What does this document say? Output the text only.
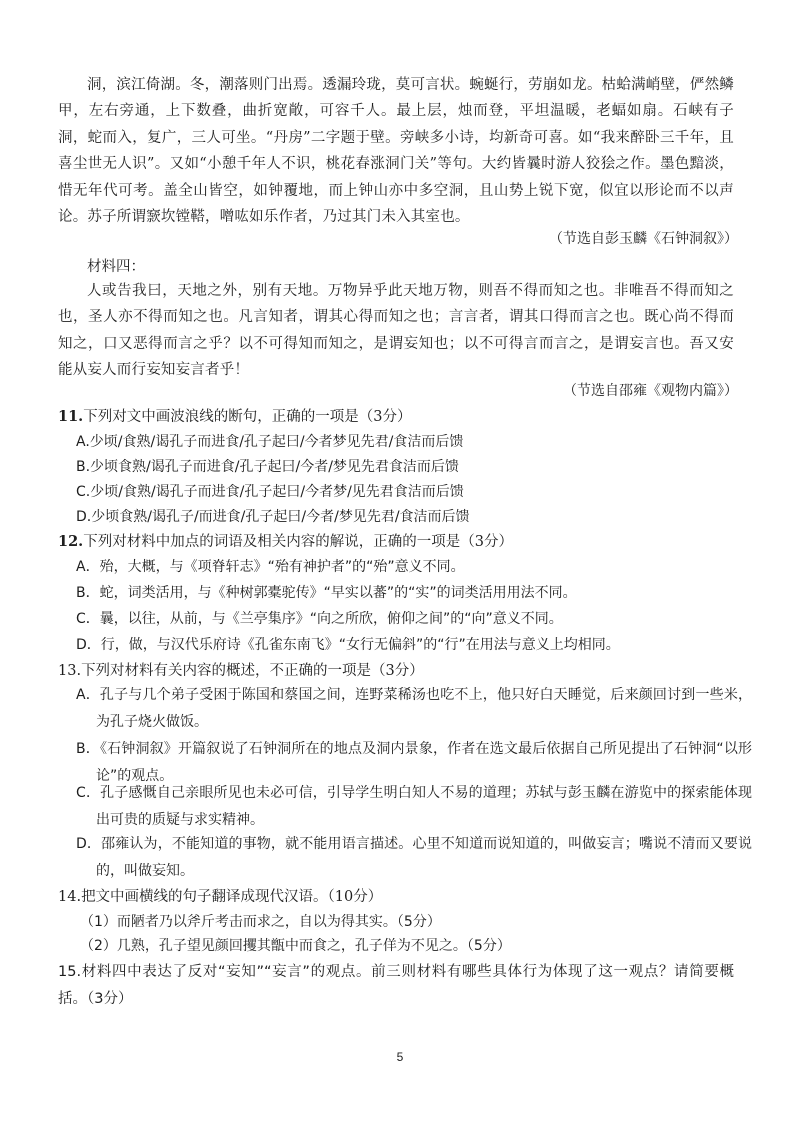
洞，滨江倚湖。冬，潮落则门出焉。透漏玲珑，莫可言状。蜿蜒行，劳崩如龙。枯蛤满峭壁，俨然鳞甲，左右旁通，上下数叠，曲折宽敞，可容千人。最上层，烛而登，平坦温暖，老蝠如扇。石峡有子洞，蛇而入，复广，三人可坐。“丹房”二字题于壁。旁峡多小诗，均新奇可喜。如“我来醉卧三千年，且喜尘世无人识”。又如“小憩千年人不识，桃花春涨洞门关”等句。大约皆曩时游人狡狯之作。墨色黯淡，惜无年代可考。盖全山皆空，如钟覆地，而上钟山亦中多空洞，且山势上锐下宽，似宜以形论而不以声论。苏子所谓窾坎镗鞳，噌吰如乐作者，乃过其门未入其室也。
（节选自彭玉麟《石钟洞叙》）
材料四：
人或告我曰，天地之外，别有天地。万物异乎此天地万物，则吾不得而知之也。非唯吾不得而知之也，圣人亦不得而知之也。凡言知者，谓其心得而知之也；言言者，谓其口得而言之也。既心尚不得而知之，口又恶得而言之乎？以不可得知而知之，是谓妄知也；以不可得言而言之，是谓妄言也。吾又安能从妄人而行妄知妄言者乎！
（节选自邵雍《观物内篇》）
11.下列对文中画波浪线的断句，正确的一项是（3分）
A.少顷/食熟/谒孔子而进食/孔子起曰/今者梦见先君/食洁而后馈
B.少顷食熟/谒孔子而进食/孔子起曰/今者/梦见先君食洁而后馈
C.少顷/食熟/谒孔子而进食/孔子起曰/今者梦/见先君食洁而后馈
D.少顷食熟/谒孔子/而进食/孔子起曰/今者/梦见先君/食洁而后馈
12.下列对材料中加点的词语及相关内容的解说，正确的一项是（3分）
A．殆，大概，与《项脊轩志》“殆有神护者”的“殆”意义不同。
B．蛇，词类活用，与《种树郭橐驼传》“早实以蕃”的“实”的词类活用用法不同。
C．曩，以往，从前，与《兰亭集序》“向之所欣，俯仰之间”的“向”意义不同。
D．行，做，与汉代乐府诗《孔雀东南飞》“女行无偏斜”的“行”在用法与意义上均相同。
13.下列对材料有关内容的概述，不正确的一项是（3分）
A．孔子与几个弟子受困于陈国和蔡国之间，连野菜稀汤也吃不上，他只好白天睡觉，后来颜回讨到一些米，为孔子烧火做饭。
B．《石钟洞叙》开篇叙说了石钟洞所在的地点及洞内景象，作者在选文最后依据自己所见提出了石钟洞“以形论”的观点。
C．孔子感慨自己亲眼所见也未必可信，引导学生明白知人不易的道理；苏轼与彭玉麟在游览中的探索能体现出可贵的质疑与求实精神。
D．邵雍认为，不能知道的事物，就不能用语言描述。心里不知道而说知道的，叫做妄言；嘴说不清而又要说的，叫做妄知。
14.把文中画横线的句子翻译成现代汉语。（10分）
（1）而陋者乃以斧斤考击而求之，自以为得其实。（5分）
（2）几熟，孔子望见颜回攫其甑中而食之，孔子佯为不见之。（5分）
15.材料四中表达了反对“妄知”“妄言”的观点。前三则材料有哪些具体行为体现了这一观点？请简要概括。（3分）
5
